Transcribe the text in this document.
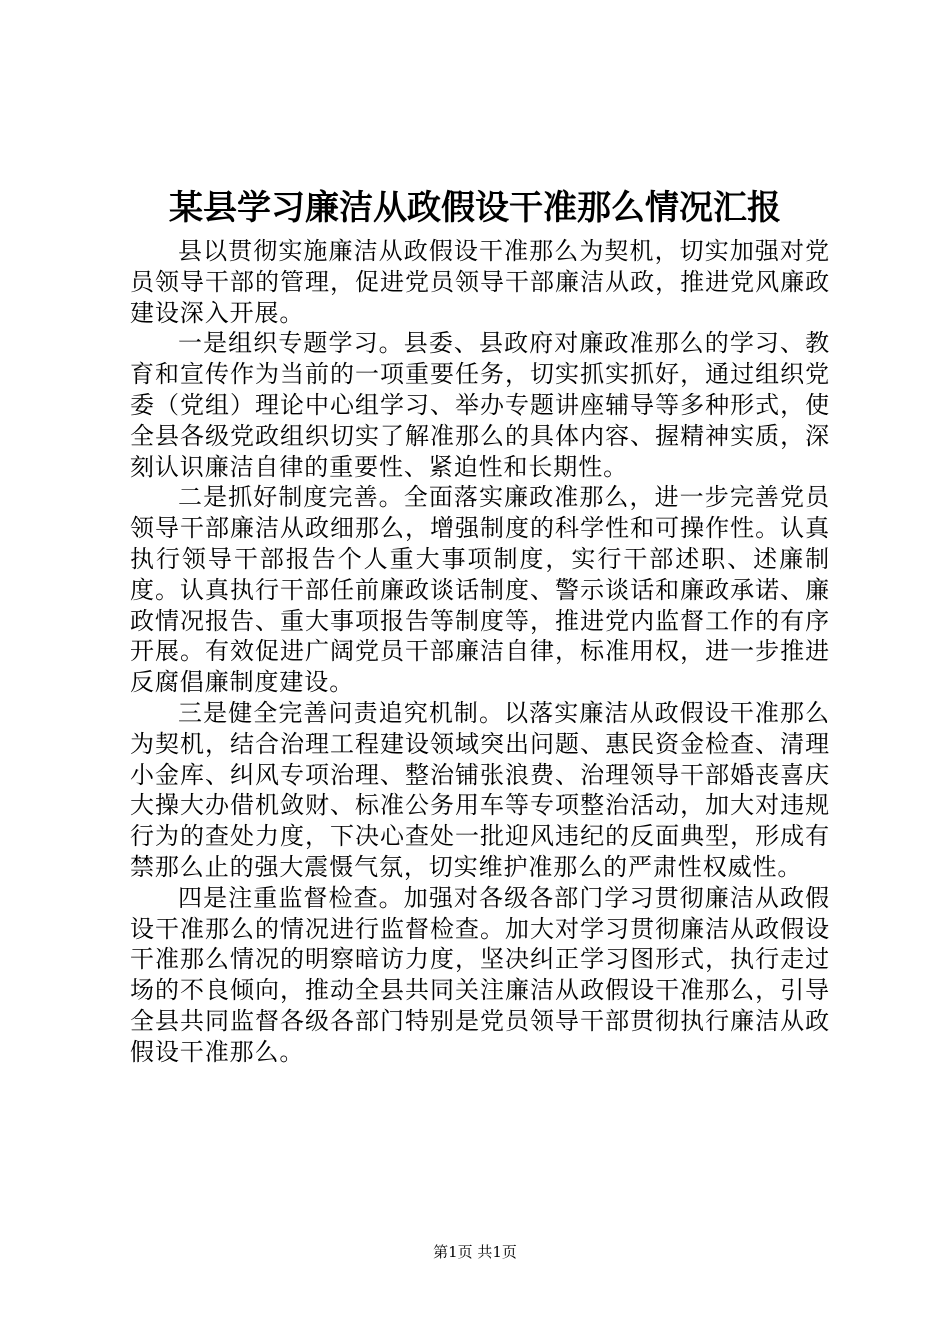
某县学习廉洁从政假设干准那么情况汇报

县以贯彻实施廉洁从政假设干准那么为契机，切实加强对党员领导干部的管理，促进党员领导干部廉洁从政，推进党风廉政建设深入开展。

一是组织专题学习。县委、县政府对廉政准那么的学习、教育和宣传作为当前的一项重要任务，切实抓实抓好，通过组织党委（党组）理论中心组学习、举办专题讲座辅导等多种形式，使全县各级党政组织切实了解准那么的具体内容、握精神实质，深刻认识廉洁自律的重要性、紧迫性和长期性。

二是抓好制度完善。全面落实廉政准那么，进一步完善党员领导干部廉洁从政细那么，增强制度的科学性和可操作性。认真执行领导干部报告个人重大事项制度，实行干部述职、述廉制度。认真执行干部任前廉政谈话制度、警示谈话和廉政承诺、廉政情况报告、重大事项报告等制度等，推进党内监督工作的有序开展。有效促进广阔党员干部廉洁自律，标准用权，进一步推进反腐倡廉制度建设。

三是健全完善问责追究机制。以落实廉洁从政假设干准那么为契机，结合治理工程建设领域突出问题、惠民资金检查、清理小金库、纠风专项治理、整治铺张浪费、治理领导干部婚丧喜庆大操大办借机敛财、标准公务用车等专项整治活动，加大对违规行为的查处力度，下决心查处一批迎风违纪的反面典型，形成有禁那么止的强大震慑气氛，切实维护准那么的严肃性权威性。

四是注重监督检查。加强对各级各部门学习贯彻廉洁从政假设干准那么的情况进行监督检查。加大对学习贯彻廉洁从政假设干准那么情况的明察暗访力度，坚决纠正学习图形式，执行走过场的不良倾向，推动全县共同关注廉洁从政假设干准那么，引导全县共同监督各级各部门特别是党员领导干部贯彻执行廉洁从政假设干准那么。

第1页 共1页
